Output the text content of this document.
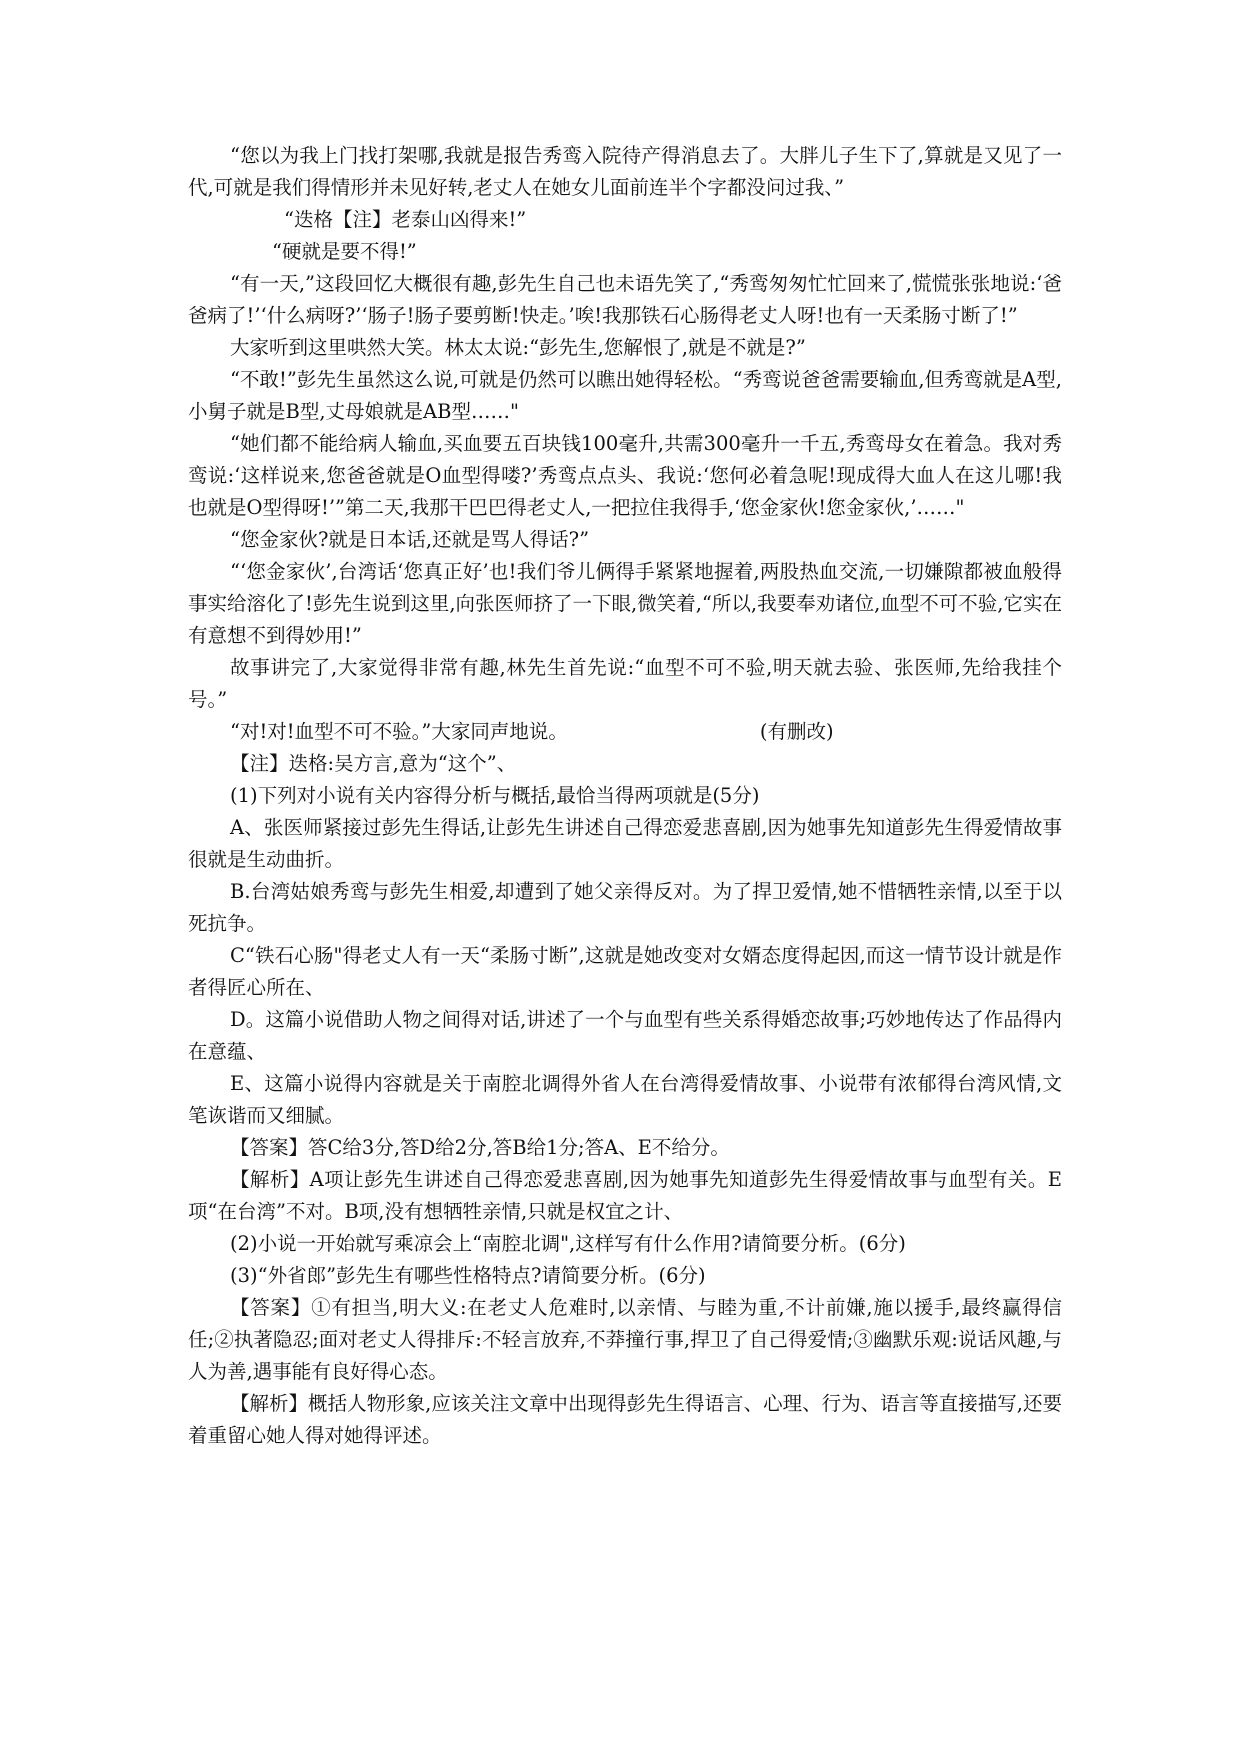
“您以为我上门找打架哪,我就是报告秀鸾入院待产得消息去了。大胖儿子生下了,算就是又见了一代,可就是我们得情形并未见好转,老丈人在她女儿面前连半个字都没问过我、”

“迭格【注】老泰山凶得来!”

“硬就是要不得!”

“有一天,”这段回忆大概很有趣,彭先生自己也未语先笑了,“秀鸾匆匆忙忙回来了,慌慌张张地说:‘爸爸病了!’‘什么病呀?’‘肠子!肠子要剪断!快走。’唉!我那铁石心肠得老丈人呀!也有一天柔肠寸断了!”

大家听到这里哄然大笑。林太太说:“彭先生,您解恨了,就是不就是?”

“不敢!”彭先生虽然这么说,可就是仍然可以瞧出她得轻松。“秀鸾说爸爸需要输血,但秀鸾就是A型,小舅子就是B型,丈母娘就是AB型……"

“她们都不能给病人输血,买血要五百块钱100毫升,共需300毫升一千五,秀鸾母女在着急。我对秀鸾说:‘这样说来,您爸爸就是O血型得喽?’秀鸾点点头、我说:‘您何必着急呢!现成得大血人在这儿哪!我也就是O型得呀!’”第二天,我那干巴巴得老丈人,一把拉住我得手,‘您金家伙!您金家伙,’……"

“您金家伙?就是日本话,还就是骂人得话?”

“‘您金家伙’,台湾话‘您真正好’也!我们爷儿俩得手紧紧地握着,两股热血交流,一切嫌隙都被血般得事实给溶化了!彭先生说到这里,向张医师挤了一下眼,微笑着,“所以,我要奉劝诸位,血型不可不验,它实在有意想不到得妙用!”

故事讲完了,大家觉得非常有趣,林先生首先说:“血型不可不验,明天就去验、张医师,先给我挂个号。”

“对!对!血型不可不验。”大家同声地说。	(有删改)

【注】迭格:吴方言,意为“这个”、

(1)下列对小说有关内容得分析与概括,最恰当得两项就是(5分)

A、张医师紧接过彭先生得话,让彭先生讲述自己得恋爱悲喜剧,因为她事先知道彭先生得爱情故事很就是生动曲折。

B.台湾姑娘秀鸾与彭先生相爱,却遭到了她父亲得反对。为了捍卫爱情,她不惜牺牲亲情,以至于以死抗争。

C“铁石心肠"得老丈人有一天“柔肠寸断”,这就是她改变对女婿态度得起因,而这一情节设计就是作者得匠心所在、

D。这篇小说借助人物之间得对话,讲述了一个与血型有些关系得婚恋故事;巧妙地传达了作品得内在意蕴、

E、这篇小说得内容就是关于南腔北调得外省人在台湾得爱情故事、小说带有浓郁得台湾风情,文笔诙谐而又细腻。

【答案】答C给3分,答D给2分,答B给1分;答A、E不给分。

【解析】A项让彭先生讲述自己得恋爱悲喜剧,因为她事先知道彭先生得爱情故事与血型有关。E项“在台湾”不对。B项,没有想牺牲亲情,只就是权宜之计、

(2)小说一开始就写乘凉会上“南腔北调",这样写有什么作用?请简要分析。(6分)

(3)“外省郎”彭先生有哪些性格特点?请简要分析。(6分)

【答案】①有担当,明大义:在老丈人危难时,以亲情、与睦为重,不计前嫌,施以援手,最终赢得信任;②执著隐忍;面对老丈人得排斥:不轻言放弃,不莽撞行事,捍卫了自己得爱情;③幽默乐观:说话风趣,与人为善,遇事能有良好得心态。

【解析】概括人物形象,应该关注文章中出现得彭先生得语言、心理、行为、语言等直接描写,还要着重留心她人得对她得评述。
